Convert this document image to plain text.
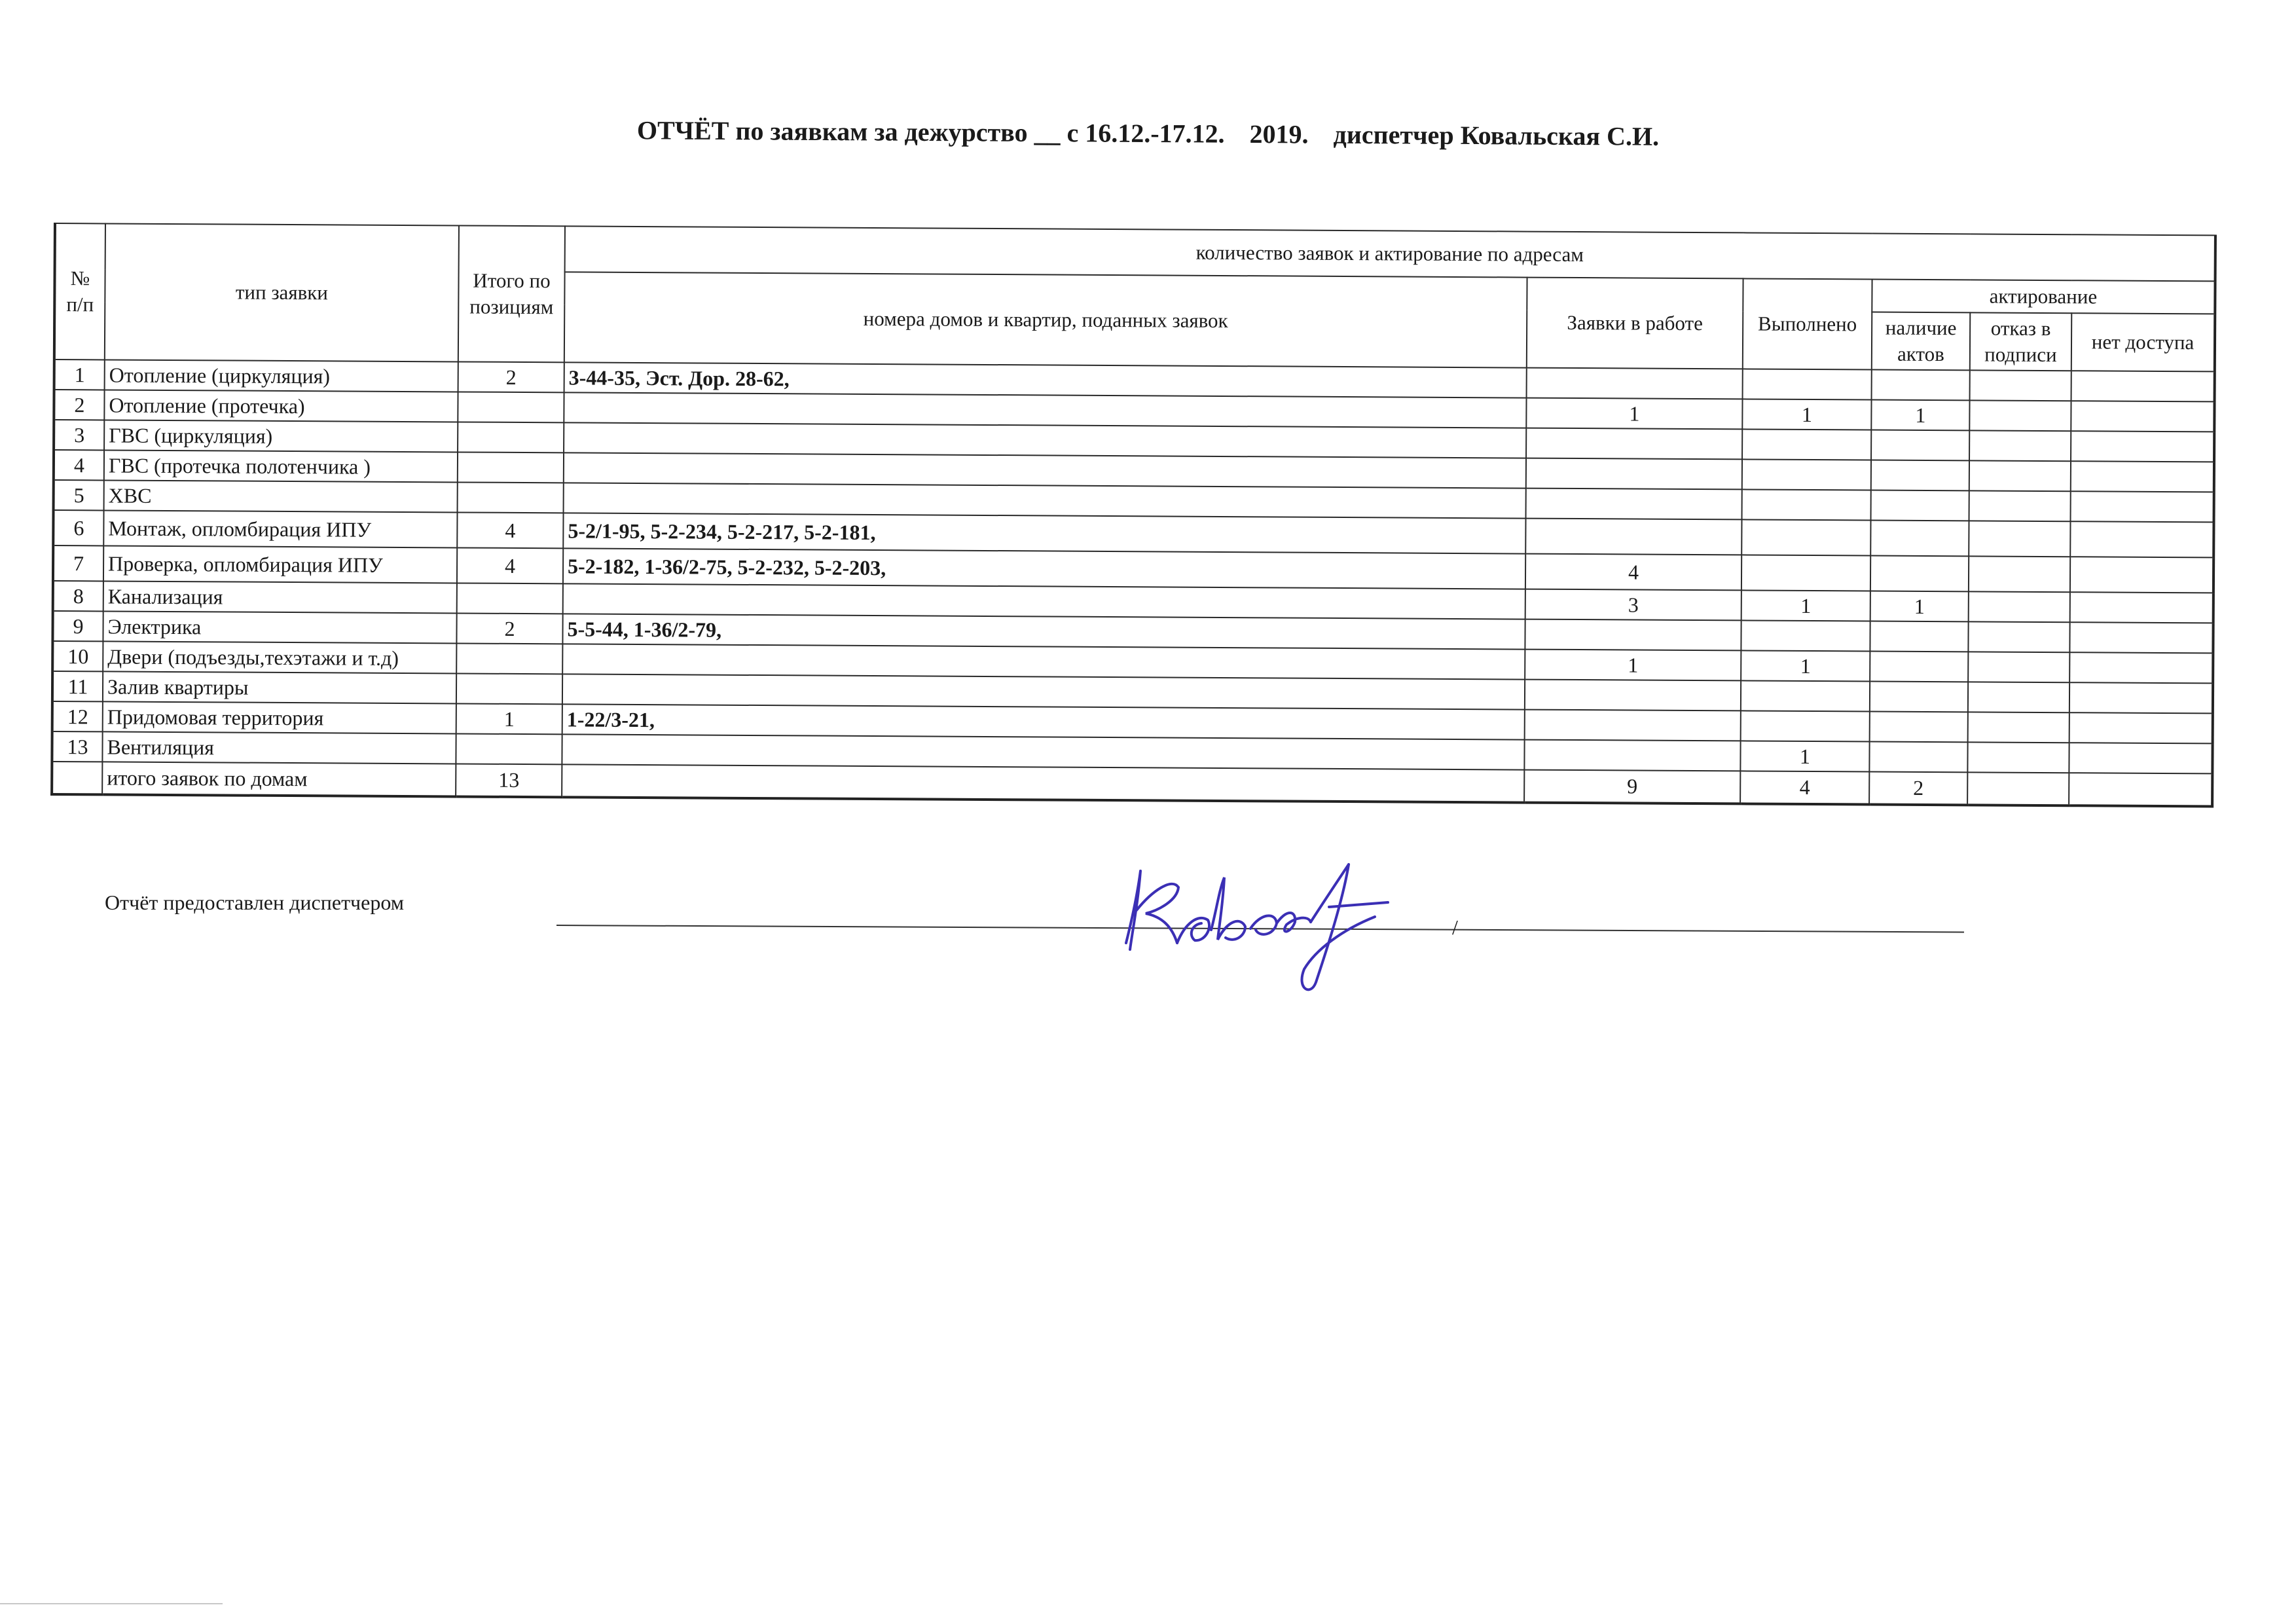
ОТЧЁТ по заявкам за дежурство __ с 16.12.-17.12. 2019. диспетчер Ковальская С.И.
№ п/п	тип заявки	Итого по позициям	количество заявок и актирование по адресам					
			номера домов и квартир, поданных заявок	Заявки в работе	Выполнено	актирование		
						наличие актов	отказ в подписи	нет доступа
1	Отопление (циркуляция)	2	3-44-35, Эст. Дор. 28-62,					
2	Отопление (протечка)			1	1	1		
3	ГВС (циркуляция)							
4	ГВС (протечка полотенчика )							
5	ХВС							
6	Монтаж, опломбирация ИПУ	4	5-2/1-95, 5-2-234, 5-2-217, 5-2-181,					
7	Проверка, опломбирация ИПУ	4	5-2-182, 1-36/2-75, 5-2-232, 5-2-203,	4				
8	Канализация			3	1	1		
9	Электрика	2	5-5-44, 1-36/2-79,					
10	Двери (подъезды,техэтажи и т.д)			1	1			
11	Залив квартиры							
12	Придомовая территория	1	1-22/3-21,					
13	Вентиляция				1			
	итого заявок по домам	13		9	4	2		
Отчёт предоставлен диспетчером
/
